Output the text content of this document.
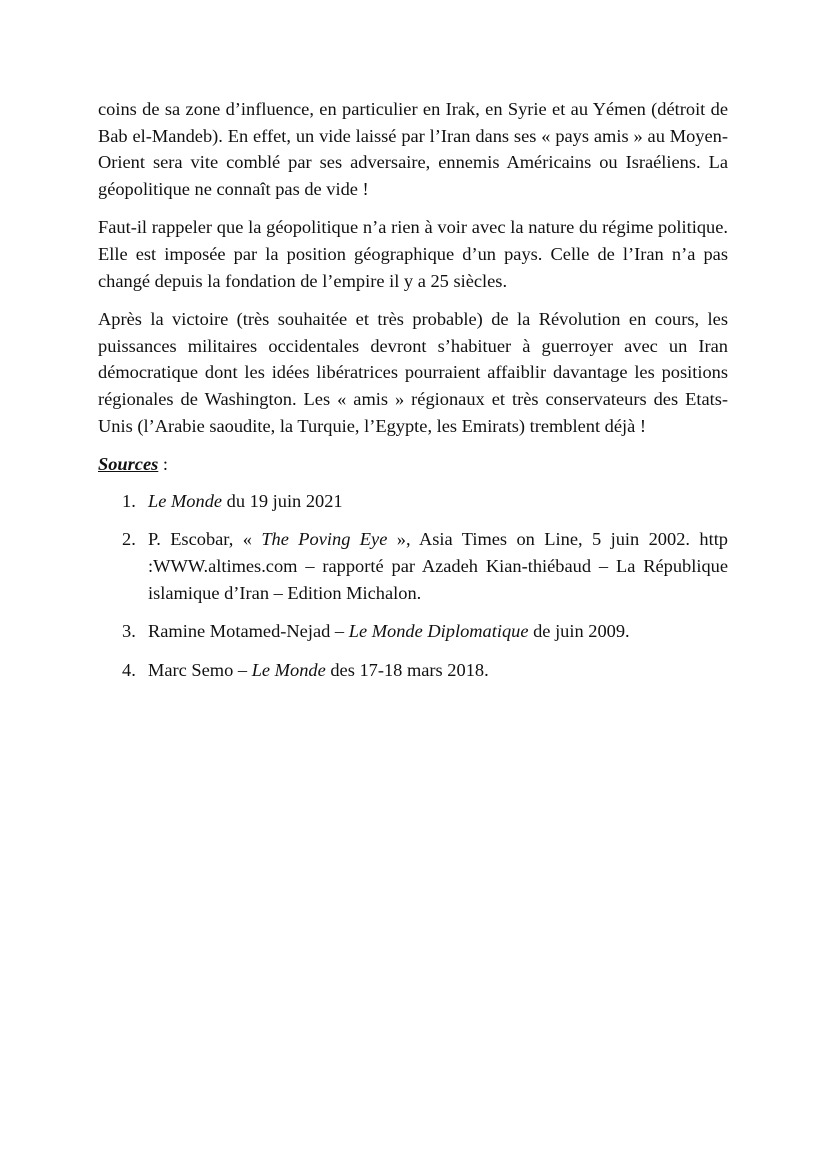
coins de sa zone d’influence, en particulier en Irak, en Syrie et au Yémen (détroit de Bab el-Mandeb). En effet, un vide laissé par l’Iran dans ses « pays amis » au Moyen-Orient sera vite comblé par ses adversaire, ennemis Américains ou Israéliens. La géopolitique ne connaît pas de vide !

Faut-il rappeler que la géopolitique n’a rien à voir avec la nature du régime politique. Elle est imposée par la position géographique d’un pays. Celle de l’Iran n’a pas changé depuis la fondation de l’empire il y a 25 siècles.

Après la victoire (très souhaitée et très probable) de la Révolution en cours, les puissances militaires occidentales devront s’habituer à guerroyer avec un Iran démocratique dont les idées libératrices pourraient affaiblir davantage les positions régionales de Washington. Les « amis » régionaux et très conservateurs des Etats-Unis (l’Arabie saoudite, la Turquie, l’Egypte, les Emirats) tremblent déjà !

Sources :

1. Le Monde du 19 juin 2021
2. P. Escobar, « The Poving Eye », Asia Times on Line, 5 juin 2002. http :WWW.altimes.com – rapporté par Azadeh Kian-thiébaud – La République islamique d’Iran – Edition Michalon.
3. Ramine Motamed-Nejad – Le Monde Diplomatique de juin 2009.
4. Marc Semo – Le Monde des 17-18 mars 2018.
